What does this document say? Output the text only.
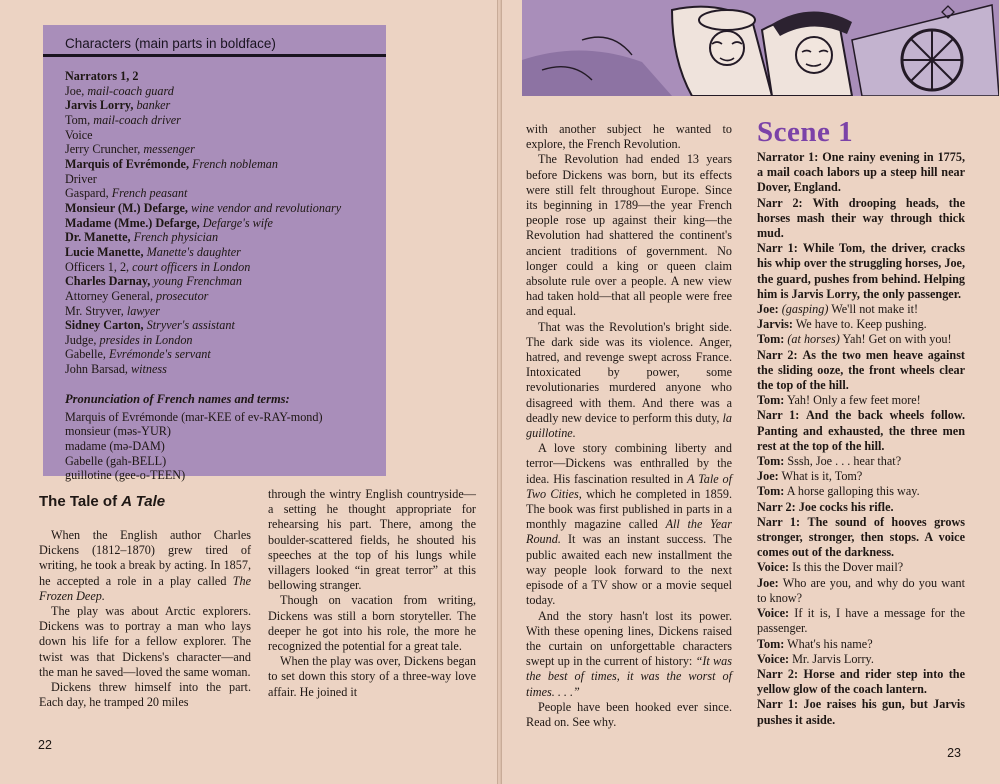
Characters (main parts in boldface)
Narrators 1, 2
Joe, mail-coach guard
Jarvis Lorry, banker
Tom, mail-coach driver
Voice
Jerry Cruncher, messenger
Marquis of Evrémonde, French nobleman
Driver
Gaspard, French peasant
Monsieur (M.) Defarge, wine vendor and revolutionary
Madame (Mme.) Defarge, Defarge's wife
Dr. Manette, French physician
Lucie Manette, Manette's daughter
Officers 1, 2, court officers in London
Charles Darnay, young Frenchman
Attorney General, prosecutor
Mr. Stryver, lawyer
Sidney Carton, Stryver's assistant
Judge, presides in London
Gabelle, Evrémonde's servant
John Barsad, witness
Pronunciation of French names and terms:
Marquis of Evrémonde (mar-KEE of ev-RAY-mond)
monsieur (mәs-YUR)
madame (mә-DAM)
Gabelle (gah-BELL)
guillotine (gee-o-TEEN)
The Tale of A Tale

When the English author Charles Dickens (1812–1870) grew tired of writing, he took a break by acting. In 1857, he accepted a role in a play called The Frozen Deep.

The play was about Arctic explorers. Dickens was to portray a man who lays down his life for a fellow explorer. The twist was that Dickens's character—and the man he saved—loved the same woman.

Dickens threw himself into the part. Each day, he tramped 20 miles

through the wintry English countryside—a setting he thought appropriate for rehearsing his part. There, among the boulder-scattered fields, he shouted his speeches at the top of his lungs while villagers looked “in great terror” at this bellowing stranger.

Though on vacation from writing, Dickens was still a born storyteller. The deeper he got into his role, the more he recognized the potential for a great tale.

When the play was over, Dickens began to set down this story of a three-way love affair. He joined it

22

with another subject he wanted to explore, the French Revolution.

The Revolution had ended 13 years before Dickens was born, but its effects were still felt throughout Europe. Since its beginning in 1789—the year French people rose up against their king—the Revolution had shattered the continent's ancient traditions of government. No longer could a king or queen claim absolute rule over a people. A new view had taken hold—that all people were free and equal.

That was the Revolution's bright side. The dark side was its violence. Anger, hatred, and revenge swept across France. Intoxicated by power, some revolutionaries murdered anyone who disagreed with them. And there was a deadly new device to perform this duty, la guillotine.

A love story combining liberty and terror—Dickens was enthralled by the idea. His fascination resulted in A Tale of Two Cities, which he completed in 1859. The book was first published in parts in a monthly magazine called All the Year Round. It was an instant success. The public awaited each new installment the way people look forward to the next episode of a TV show or a movie sequel today.

And the story hasn't lost its power. With these opening lines, Dickens raised the curtain on unforgettable characters swept up in the current of history: “It was the best of times, it was the worst of times. . . .”

People have been hooked ever since. Read on. See why.

Scene 1

Narrator 1: One rainy evening in 1775, a mail coach labors up a steep hill near Dover, England.

Narr 2: With drooping heads, the horses mash their way through thick mud.

Narr 1: While Tom, the driver, cracks his whip over the struggling horses, Joe, the guard, pushes from behind. Helping him is Jarvis Lorry, the only passenger.

Joe: (gasping) We'll not make it!

Jarvis: We have to. Keep pushing.

Tom: (at horses) Yah! Get on with you!

Narr 2: As the two men heave against the sliding ooze, the front wheels clear the top of the hill.

Tom: Yah! Only a few feet more!

Narr 1: And the back wheels follow. Panting and exhausted, the three men rest at the top of the hill.

Tom: Sssh, Joe . . . hear that?

Joe: What is it, Tom?

Tom: A horse galloping this way.

Narr 2: Joe cocks his rifle.

Narr 1: The sound of hooves grows stronger, stronger, then stops. A voice comes out of the darkness.

Voice: Is this the Dover mail?

Joe: Who are you, and why do you want to know?

Voice: If it is, I have a message for the passenger.

Tom: What's his name?

Voice: Mr. Jarvis Lorry.

Narr 2: Horse and rider step into the yellow glow of the coach lantern.

Narr 1: Joe raises his gun, but Jarvis pushes it aside.

23
